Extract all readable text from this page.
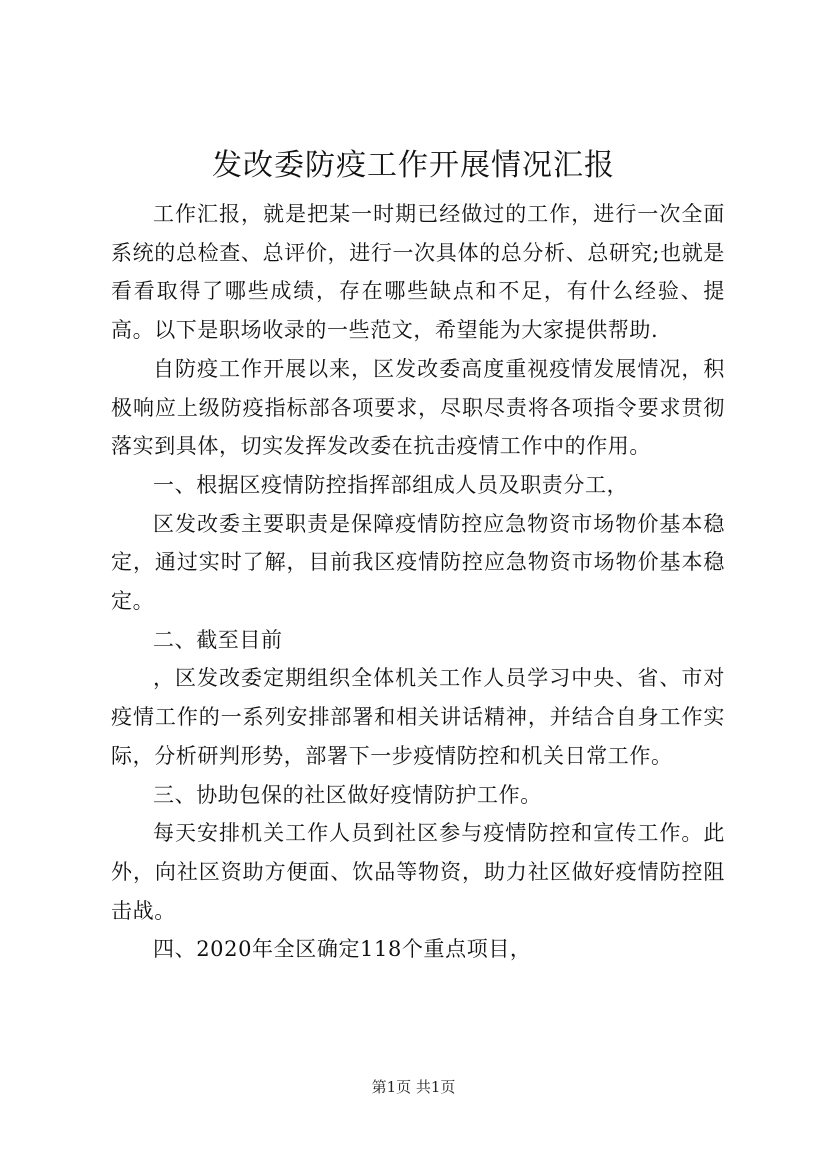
发改委防疫工作开展情况汇报

工作汇报，就是把某一时期已经做过的工作，进行一次全面系统的总检查、总评价，进行一次具体的总分析、总研究;也就是看看取得了哪些成绩，存在哪些缺点和不足，有什么经验、提高。以下是职场收录的一些范文，希望能为大家提供帮助.

自防疫工作开展以来，区发改委高度重视疫情发展情况，积极响应上级防疫指标部各项要求，尽职尽责将各项指令要求贯彻落实到具体，切实发挥发改委在抗击疫情工作中的作用。

一、根据区疫情防控指挥部组成人员及职责分工，

区发改委主要职责是保障疫情防控应急物资市场物价基本稳定，通过实时了解，目前我区疫情防控应急物资市场物价基本稳定。

二、截至目前

，区发改委定期组织全体机关工作人员学习中央、省、市对疫情工作的一系列安排部署和相关讲话精神，并结合自身工作实际，分析研判形势，部署下一步疫情防控和机关日常工作。

三、协助包保的社区做好疫情防护工作。

每天安排机关工作人员到社区参与疫情防控和宣传工作。此外，向社区资助方便面、饮品等物资，助力社区做好疫情防控阻击战。

四、2020年全区确定118个重点项目，

第1页 共1页
